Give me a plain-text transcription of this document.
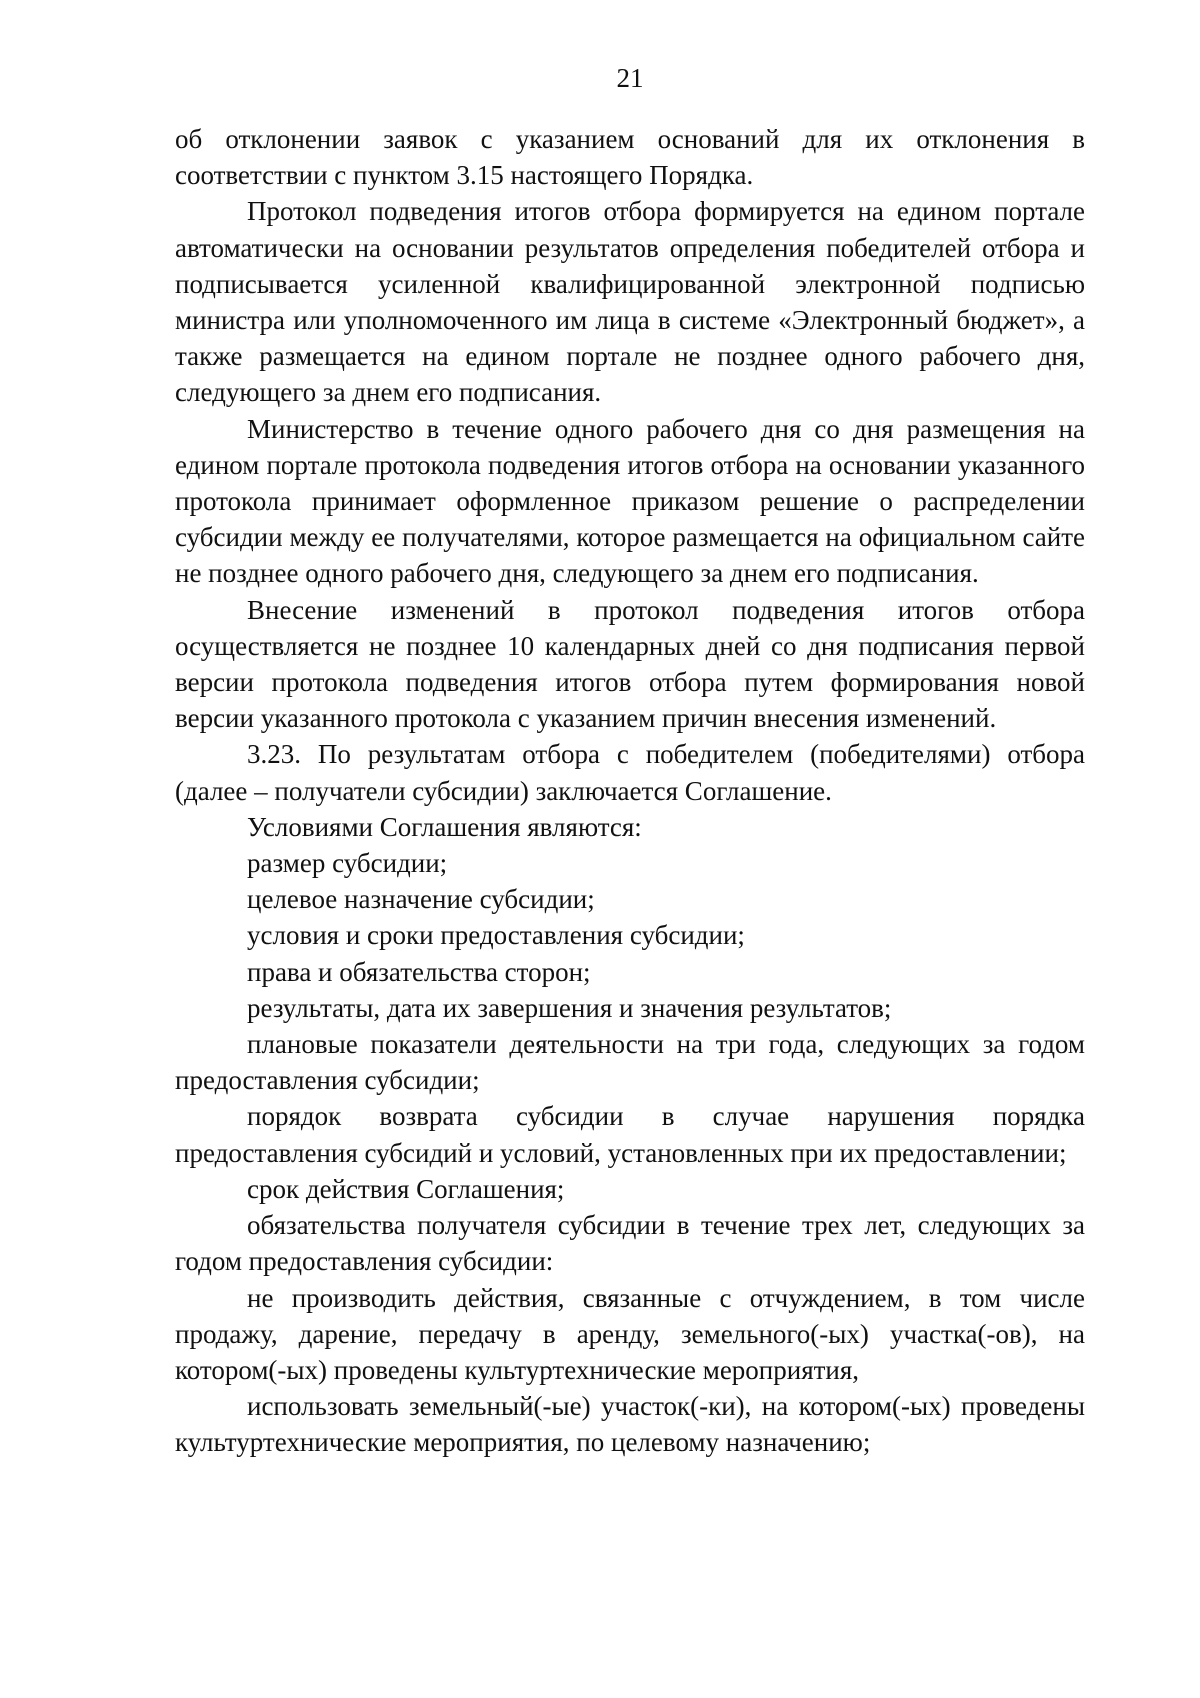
21

об отклонении заявок с указанием оснований для их отклонения в соответствии с пунктом 3.15 настоящего Порядка.

Протокол подведения итогов отбора формируется на едином портале автоматически на основании результатов определения победителей отбора и подписывается усиленной квалифицированной электронной подписью министра или уполномоченного им лица в системе «Электронный бюджет», а также размещается на едином портале не позднее одного рабочего дня, следующего за днем его подписания.

Министерство в течение одного рабочего дня со дня размещения на едином портале протокола подведения итогов отбора на основании указанного протокола принимает оформленное приказом решение о распределении субсидии между ее получателями, которое размещается на официальном сайте не позднее одного рабочего дня, следующего за днем его подписания.

Внесение изменений в протокол подведения итогов отбора осуществляется не позднее 10 календарных дней со дня подписания первой версии протокола подведения итогов отбора путем формирования новой версии указанного протокола с указанием причин внесения изменений.

3.23. По результатам отбора с победителем (победителями) отбора (далее – получатели субсидии) заключается Соглашение.

Условиями Соглашения являются:

размер субсидии;

целевое назначение субсидии;

условия и сроки предоставления субсидии;

права и обязательства сторон;

результаты, дата их завершения и значения результатов;

плановые показатели деятельности на три года, следующих за годом предоставления субсидии;

порядок возврата субсидии в случае нарушения порядка предоставления субсидий и условий, установленных при их предоставлении;

срок действия Соглашения;

обязательства получателя субсидии в течение трех лет, следующих за годом предоставления субсидии:

не производить действия, связанные с отчуждением, в том числе продажу, дарение, передачу в аренду, земельного(-ых) участка(-ов), на котором(-ых) проведены культуртехнические мероприятия,

использовать земельный(-ые) участок(-ки), на котором(-ых) проведены культуртехнические мероприятия, по целевому назначению;
